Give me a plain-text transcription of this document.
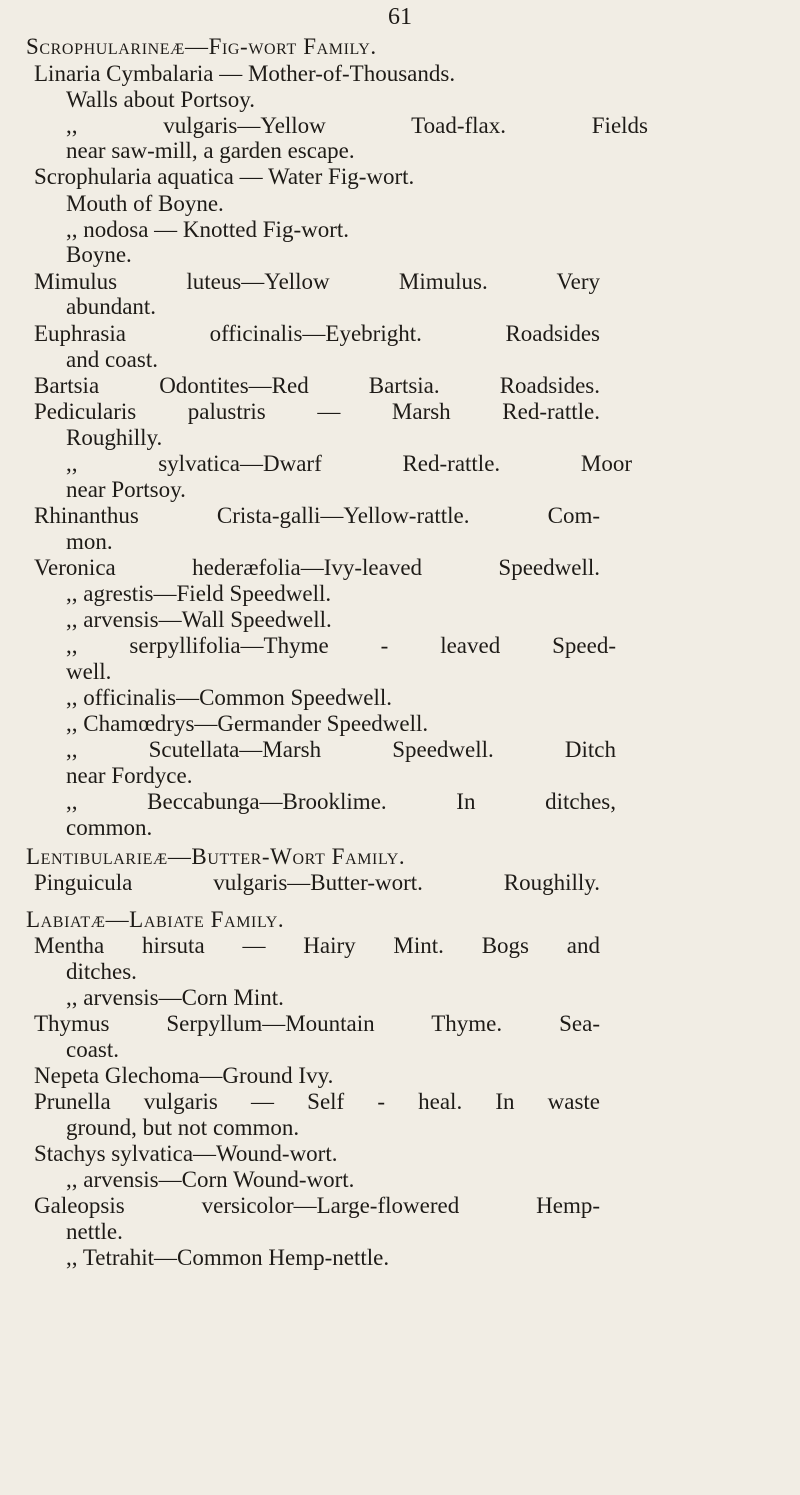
61
Scrophularineæ—Fig-wort Family.
Linaria Cymbalaria — Mother-of-Thousands.
Walls about Portsoy.
,, vulgaris—Yellow Toad-flax. Fields
near saw-mill, a garden escape.
Scrophularia aquatica — Water Fig-wort.
Mouth of Boyne.
,, nodosa — Knotted Fig-wort.
Boyne.
Mimulus luteus—Yellow Mimulus. Very
abundant.
Euphrasia officinalis—Eyebright. Roadsides
and coast.
Bartsia Odontites—Red Bartsia. Roadsides.
Pedicularis palustris — Marsh Red-rattle.
Roughilly.
,, sylvatica—Dwarf Red-rattle. Moor
near Portsoy.
Rhinanthus Crista-galli—Yellow-rattle. Com-
mon.
Veronica hederæfolia—Ivy-leaved Speedwell.
,, agrestis—Field Speedwell.
,, arvensis—Wall Speedwell.
,, serpyllifolia—Thyme - leaved Speed-
well.
,, officinalis—Common Speedwell.
,, Chamœdrys—Germander Speedwell.
,, Scutellata—Marsh Speedwell. Ditch
near Fordyce.
,, Beccabunga—Brooklime. In ditches,
common.
Lentibularieæ—Butter-Wort Family.
Pinguicula vulgaris—Butter-wort. Roughilly.
Labiatæ—Labiate Family.
Mentha hirsuta — Hairy Mint. Bogs and
ditches.
,, arvensis—Corn Mint.
Thymus Serpyllum—Mountain Thyme. Sea-
coast.
Nepeta Glechoma—Ground Ivy.
Prunella vulgaris — Self - heal. In waste
ground, but not common.
Stachys sylvatica—Wound-wort.
,, arvensis—Corn Wound-wort.
Galeopsis versicolor—Large-flowered Hemp-
nettle.
,, Tetrahit—Common Hemp-nettle.
